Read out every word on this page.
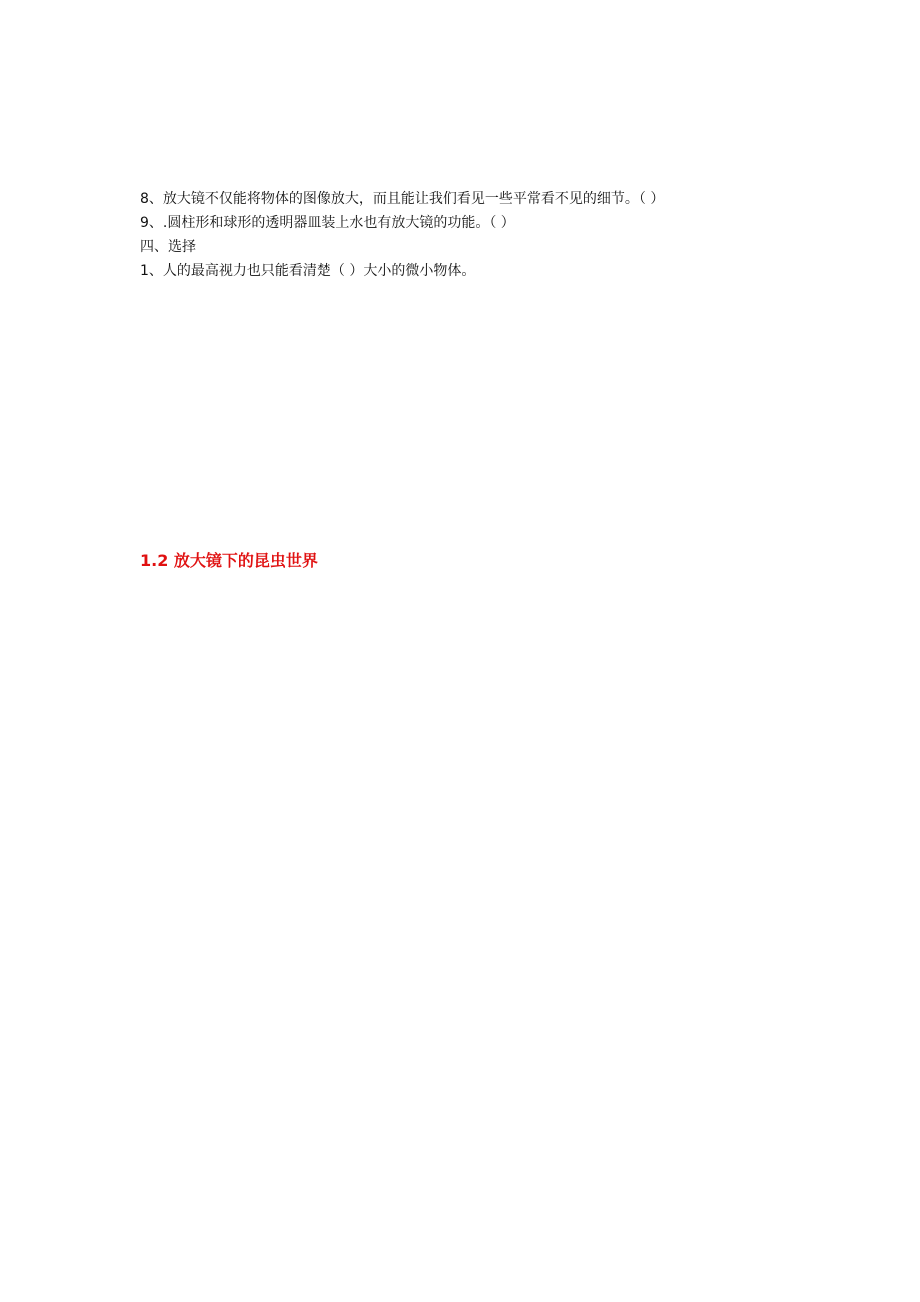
8、放大镜不仅能将物体的图像放大，而且能让我们看见一些平常看不见的细节。（ ）
9、.圆柱形和球形的透明器皿装上水也有放大镜的功能。（ ）
四、选择
1、人的最高视力也只能看清楚（ ）大小的微小物体。
1.2 放大镜下的昆虫世界
